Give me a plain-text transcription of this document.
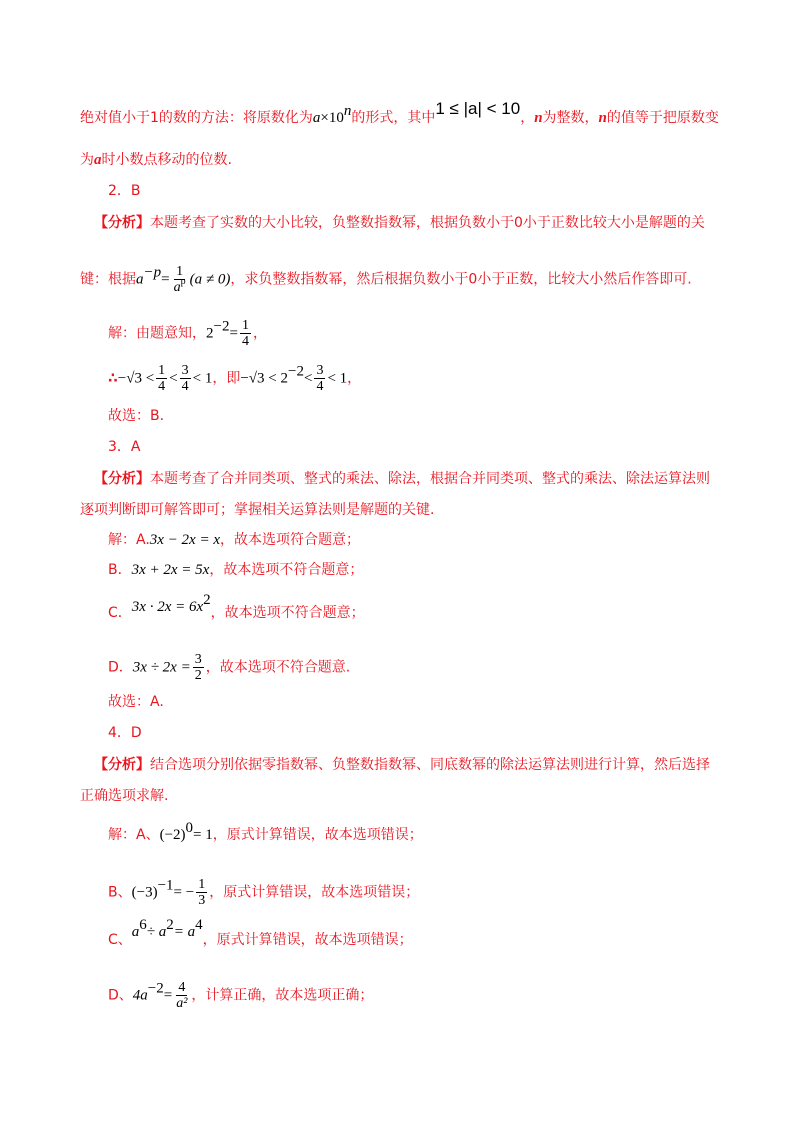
绝对值小于1的数的方法：将原数化为$a\times 10^n$的形式，其中1 ≤ |a| < 10，n为整数，n的值等于把原数变
为a时小数点移动的位数.
2．B
【分析】本题考查了实数的大小比较，负整数指数幂，根据负数小于0小于正数比较大小是解题的关
键：根据$a^{-p}= \frac{1}{a^p} (a \ne 0)$，求负整数指数幂，然后根据负数小于0小于正数，比较大小然后作答即可.
解：由题意知，$2^{-2}= \frac{1}{4}$ ，
∴−√3 < $\frac{1}{4} < \frac{3}{4} < 1$，即$-√3 < 2^{-2}< \frac{3}{4} < 1$，
故选：B.
3．A
【分析】本题考查了合并同类项、整式的乘法、除法，根据合并同类项、整式的乘法、除法运算法则
逐项判断即可解答即可；掌握相关运算法则是解题的关键.
解：A.3x − 2x = x，故本选项符合题意；
B．3x + 2x = 5x，故本选项不符合题意；
C．$3x \cdot 2x = 6x^2$，故本选项不符合题意；
D．$3x \div 2x = \frac{3}{2}$ ，故本选项不符合题意.
故选：A.
4．D
【分析】结合选项分别依据零指数幂、负整数指数幂、同底数幂的除法运算法则进行计算，然后选择
正确选项求解.
解：A、$(-2)^0= 1$，原式计算错误，故本选项错误；
B、$(-3)^{-1}= - \frac{1}{3}$ ，原式计算错误，故本选项错误；
C、$a^6\div a^2= a^4$，原式计算错误，故本选项错误；
D、$4a^{-2}= \frac{4}{\text{a²}}$ ，计算正确，故本选项正确；
